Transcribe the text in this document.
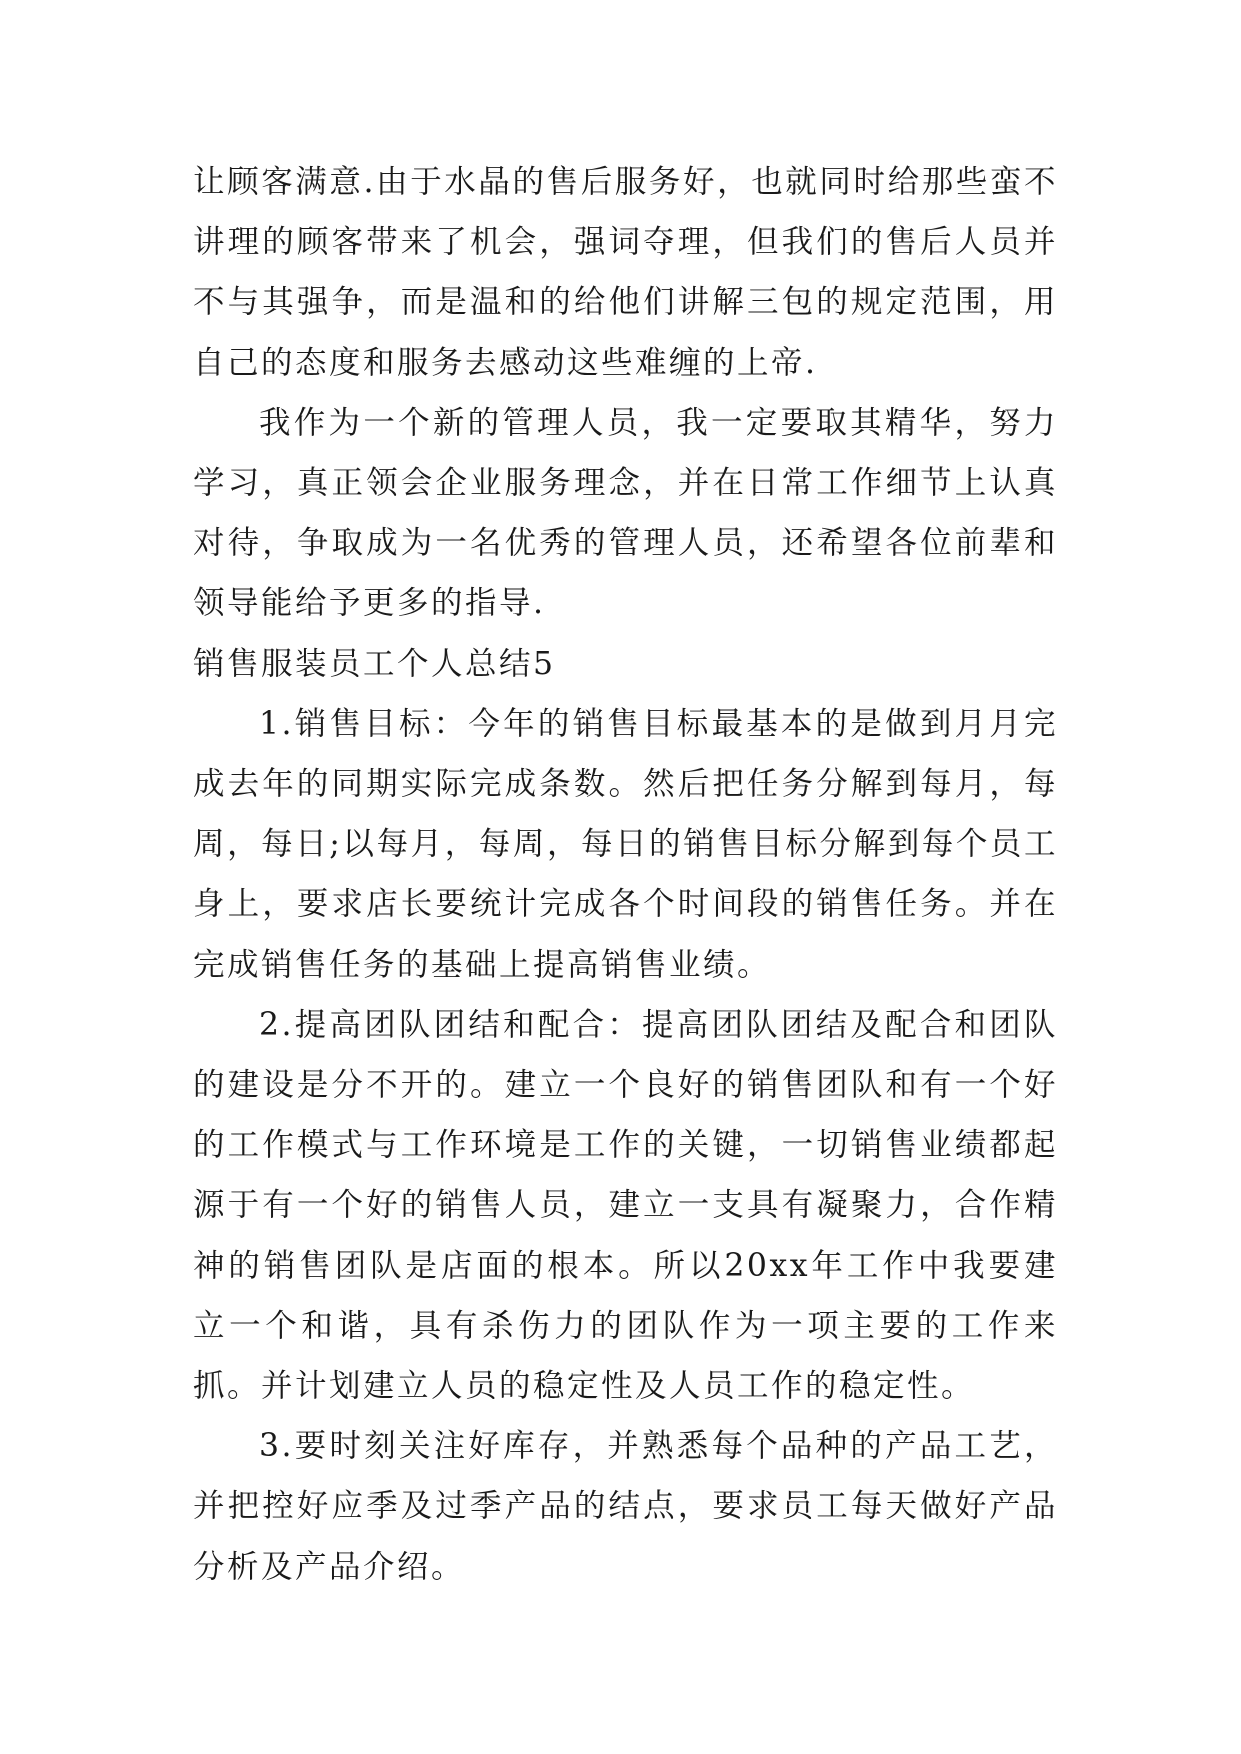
让顾客满意.由于水晶的售后服务好，也就同时给那些蛮不讲理的顾客带来了机会，强词夺理，但我们的售后人员并不与其强争，而是温和的给他们讲解三包的规定范围，用自己的态度和服务去感动这些难缠的上帝.

我作为一个新的管理人员，我一定要取其精华，努力学习，真正领会企业服务理念，并在日常工作细节上认真对待，争取成为一名优秀的管理人员，还希望各位前辈和领导能给予更多的指导.

销售服装员工个人总结5

1.销售目标：今年的销售目标最基本的是做到月月完成去年的同期实际完成条数。然后把任务分解到每月，每周，每日;以每月，每周，每日的销售目标分解到每个员工身上，要求店长要统计完成各个时间段的销售任务。并在完成销售任务的基础上提高销售业绩。

2.提高团队团结和配合：提高团队团结及配合和团队的建设是分不开的。建立一个良好的销售团队和有一个好的工作模式与工作环境是工作的关键，一切销售业绩都起源于有一个好的销售人员，建立一支具有凝聚力，合作精神的销售团队是店面的根本。所以20xx年工作中我要建立一个和谐，具有杀伤力的团队作为一项主要的工作来抓。并计划建立人员的稳定性及人员工作的稳定性。

3.要时刻关注好库存，并熟悉每个品种的产品工艺，并把控好应季及过季产品的结点，要求员工每天做好产品分析及产品介绍。
